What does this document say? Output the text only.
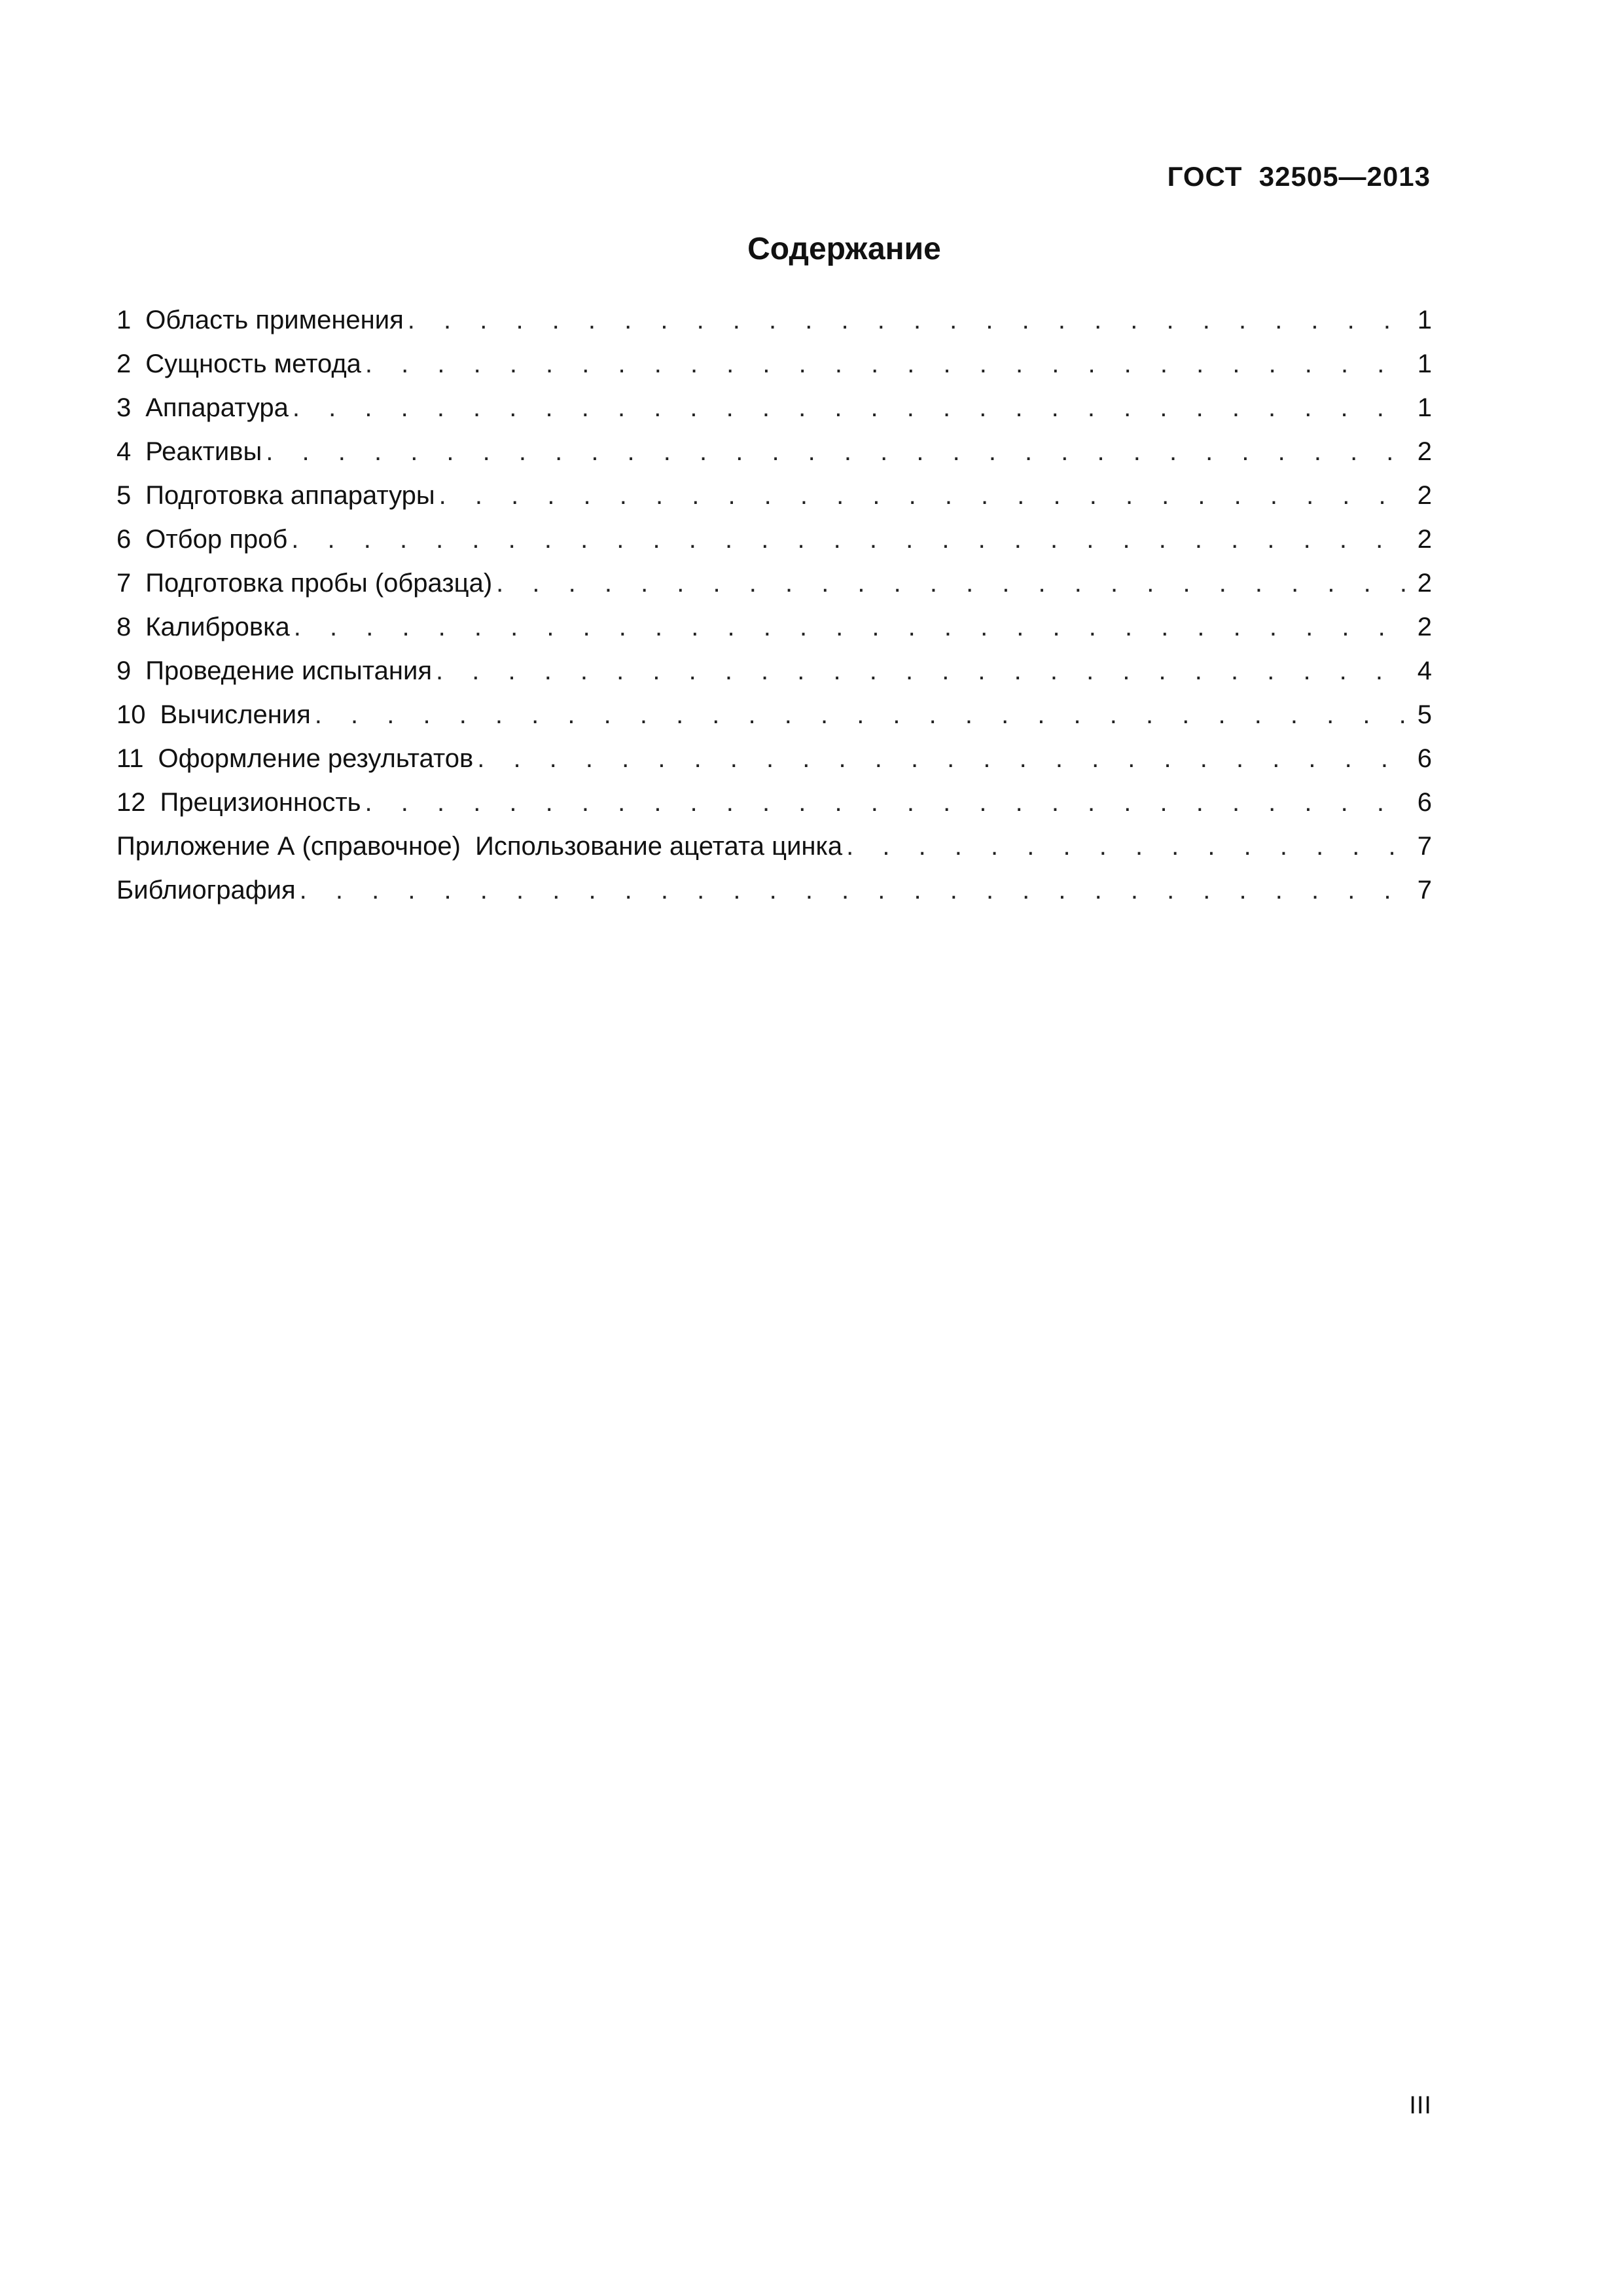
ГОСТ  32505—2013
Содержание
1 Область применения . . .	1
2 Сущность метода . . .	1
3 Аппаратура . . .	1
4 Реактивы . . .	2
5 Подготовка аппаратуры . . .	2
6 Отбор проб . . .	2
7 Подготовка пробы (образца) . . .	2
8 Калибровка . . .	2
9 Проведение испытания . . .	4
10 Вычисления . . .	5
11 Оформление результатов . . .	6
12 Прецизионность . . .	6
Приложение А (справочное)  Использование ацетата цинка . . .	7
Библиография . . .	7
III
